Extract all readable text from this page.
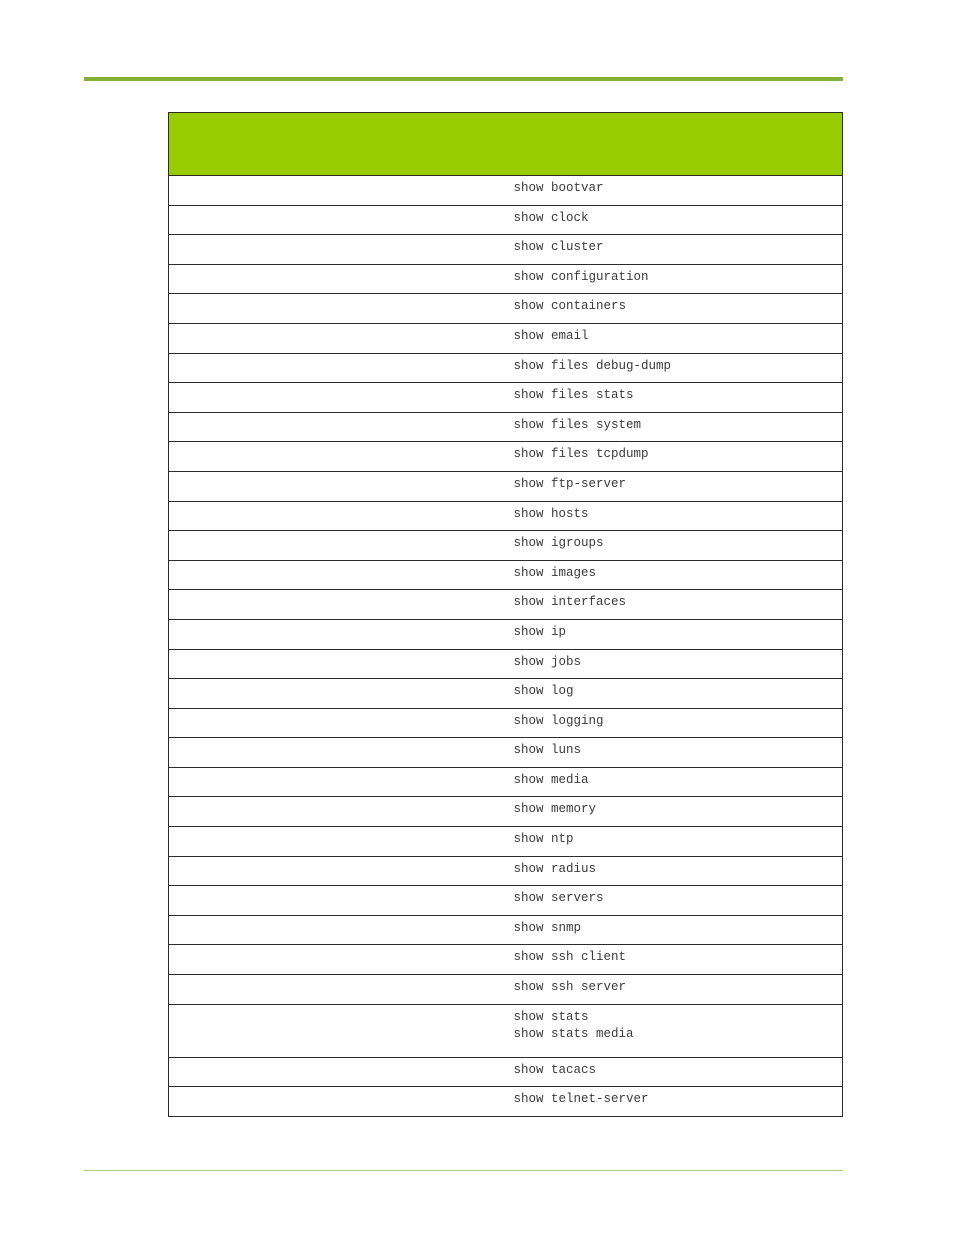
	show bootvar

	show clock

	show cluster

	show configuration

	show containers

	show email

	show files debug-dump

	show files stats

	show files system

	show files tcpdump

	show ftp-server

	show hosts

	show igroups

	show images

	show interfaces

	show ip

	show jobs

	show log

	show logging

	show luns

	show media

	show memory

	show ntp

	show radius

	show servers

	show snmp

	show ssh client

	show ssh server

	show stats
show stats media

	show tacacs

	show telnet-server
